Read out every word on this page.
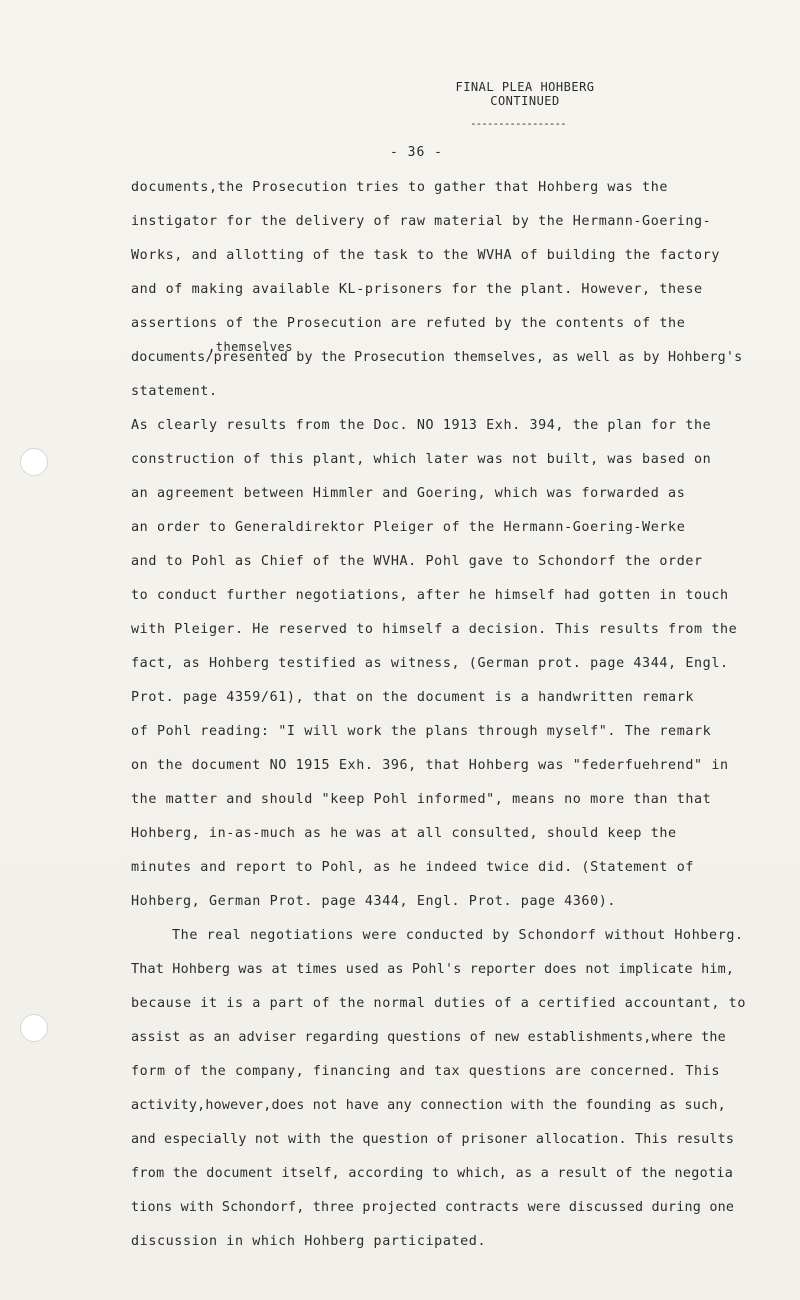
FINAL PLEA HOHBERG
CONTINUED
-----------------
- 36 -
,themselves
documents,the Prosecution tries to gather that Hohberg was the
instigator for the delivery of raw material by the Hermann-Goering-
Works, and allotting of the task to the WVHA of building the factory
and of making available KL-prisoners for the plant. However, these
assertions of the Prosecution are refuted by the contents of the
documents/presented by the Prosecution themselves, as well as by Hohberg's
statement.
As clearly results from the Doc. NO 1913 Exh. 394, the plan for the
construction of this plant, which later was not built, was based on
an agreement between Himmler and Goering, which was forwarded as
an order to Generaldirektor Pleiger of the Hermann-Goering-Werke
and to Pohl as Chief of the WVHA. Pohl gave to Schondorf the order
to conduct further negotiations, after he himself had gotten in touch
with Pleiger. He reserved to himself a decision. This results from the
fact, as Hohberg testified as witness, (German prot. page 4344, Engl.
Prot. page 4359/61), that on the document is a handwritten remark
of Pohl reading: "I will work the plans through myself". The remark
on the document NO 1915 Exh. 396, that Hohberg was "federfuehrend" in
the matter and should "keep Pohl informed", means no more than that
Hohberg, in-as-much as he was at all consulted, should keep the
minutes and report to Pohl, as he indeed twice did. (Statement of
Hohberg, German Prot. page 4344, Engl. Prot. page 4360).
The real negotiations were conducted by Schondorf without Hohberg.
That Hohberg was at times used as Pohl's reporter does not implicate him,
because it is a part of the normal duties of a certified accountant, to
assist as an adviser regarding questions of new establishments,where the
form of the company, financing and tax questions are concerned. This
activity,however,does not have any connection with the founding as such,
and especially not with the question of prisoner allocation. This results
from the document itself, according to which, as a result of the negotia
tions with Schondorf, three projected contracts were discussed during one
discussion in which Hohberg participated.
